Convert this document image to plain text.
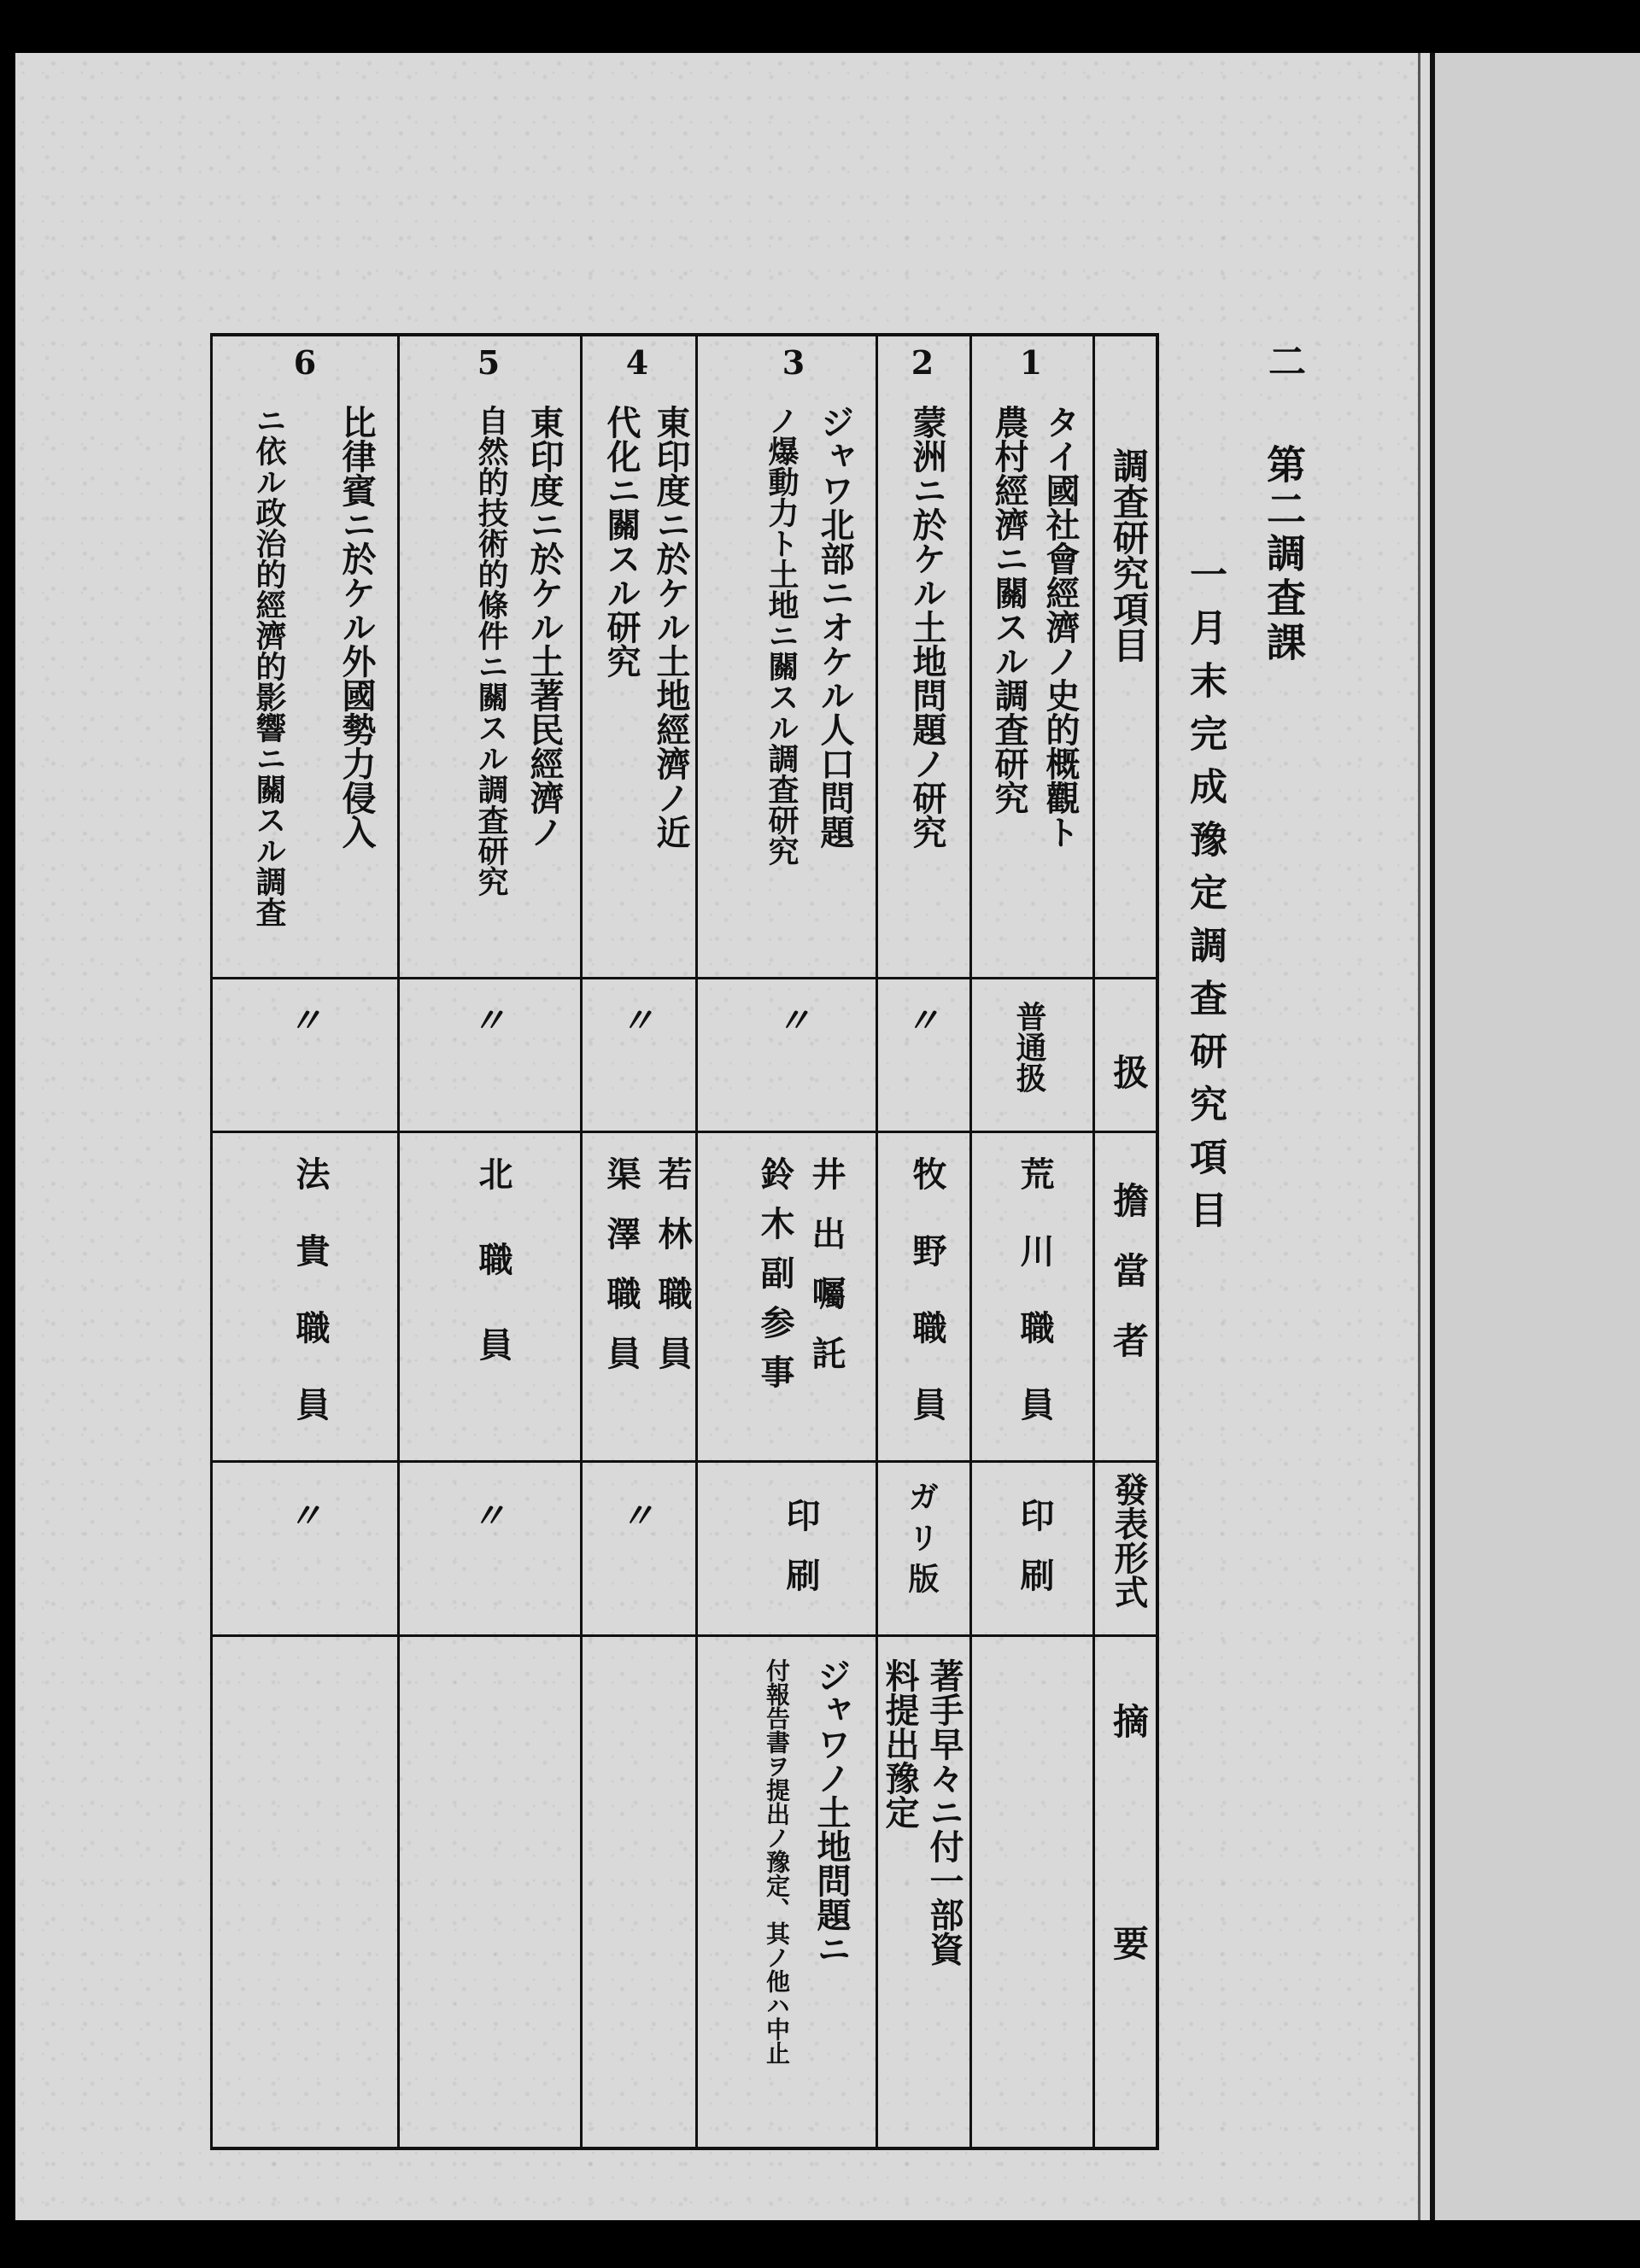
二
第二調査課
一月末完成豫定調査研究項目
調査研究項目
扱
擔當者
發表形式
摘
要
1
タイ國社會經濟ノ史的概觀ト
農村經濟ニ關スル調査研究
普通扱
荒川職員
印刷
2
蒙洲ニ於ケル土地問題ノ研究
〃
牧野職員
ガリ版
著手早々ニ付一部資
料提出豫定
3
ジャワ北部ニオケル人口問題
ノ爆動力ト土地ニ關スル調査研究
〃
井出囑託
鈴木副参事
印刷
ジャワノ土地問題ニ
付報告書ヲ提出ノ豫定、其ノ他ハ中止
4
東印度ニ於ケル土地經濟ノ近
代化ニ關スル研究
〃
若林職員
渠澤職員
〃
5
東印度ニ於ケル土著民經濟ノ
自然的技術的條件ニ關スル調査研究
〃
北職員
〃
6
比律賓ニ於ケル外國勢力侵入
ニ依ル政治的經濟的影響ニ關スル調査
〃
法貴職員
〃
